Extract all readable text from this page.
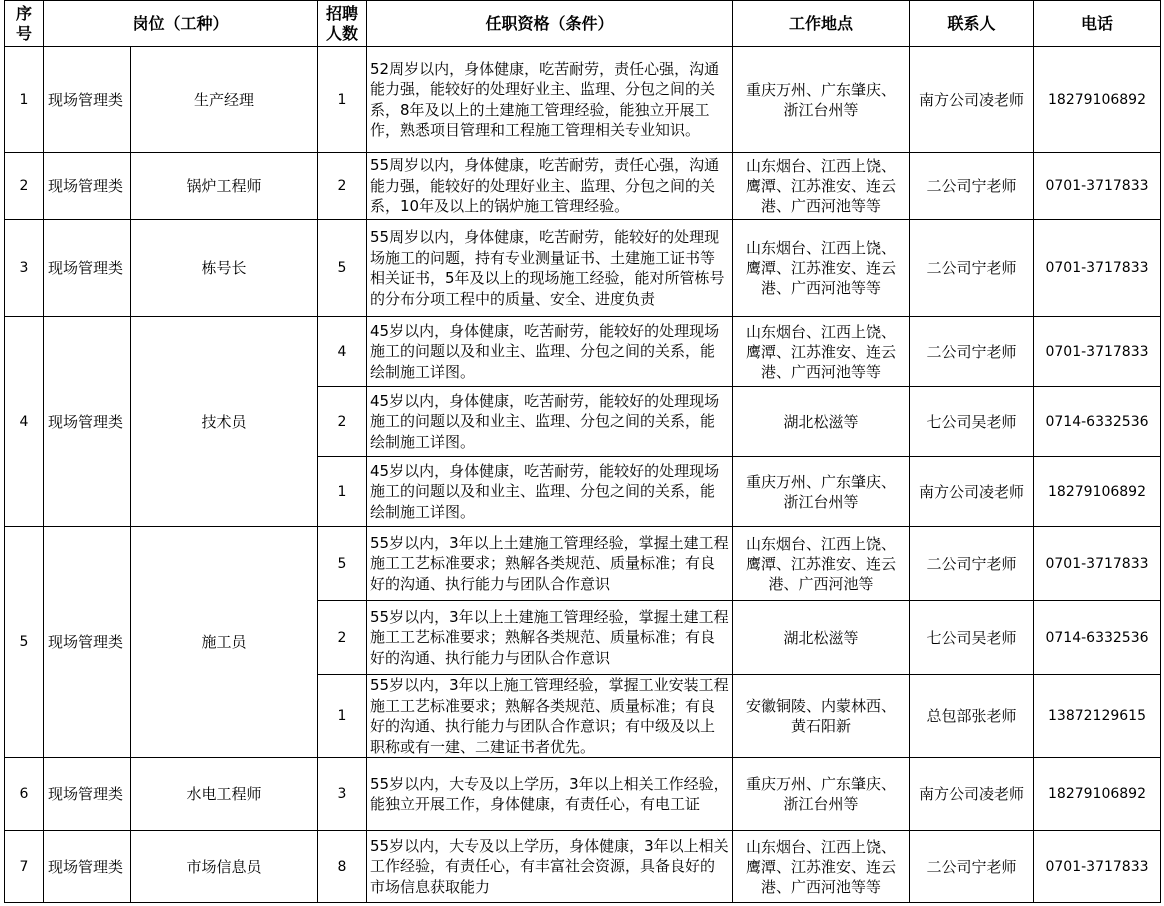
序号	岗位（工种）		招聘人数	任职资格（条件）	工作地点	联系人	电话
1	现场管理类	生产经理	1	52周岁以内，身体健康，吃苦耐劳，责任心强，沟通能力强，能较好的处理好业主、监理、分包之间的关系，8年及以上的土建施工管理经验，能独立开展工作，熟悉项目管理和工程施工管理相关专业知识。	重庆万州、广东肇庆、浙江台州等	南方公司凌老师	18279106892
2	现场管理类	锅炉工程师	2	55周岁以内，身体健康，吃苦耐劳，责任心强，沟通能力强，能较好的处理好业主、监理、分包之间的关系，10年及以上的锅炉施工管理经验。	山东烟台、江西上饶、鹰潭、江苏淮安、连云港、广西河池等等	二公司宁老师	0701-3717833
3	现场管理类	栋号长	5	55周岁以内，身体健康，吃苦耐劳，能较好的处理现场施工的问题，持有专业测量证书、土建施工证书等相关证书，5年及以上的现场施工经验，能对所管栋号的分布分项工程中的质量、安全、进度负责	山东烟台、江西上饶、鹰潭、江苏淮安、连云港、广西河池等等	二公司宁老师	0701-3717833
4	现场管理类	技术员	4	45岁以内，身体健康，吃苦耐劳，能较好的处理现场施工的问题以及和业主、监理、分包之间的关系，能绘制施工详图。	山东烟台、江西上饶、鹰潭、江苏淮安、连云港、广西河池等等	二公司宁老师	0701-3717833
			2	45岁以内，身体健康，吃苦耐劳，能较好的处理现场施工的问题以及和业主、监理、分包之间的关系，能绘制施工详图。	湖北松滋等	七公司吴老师	0714-6332536
			1	45岁以内，身体健康，吃苦耐劳，能较好的处理现场施工的问题以及和业主、监理、分包之间的关系，能绘制施工详图。	重庆万州、广东肇庆、浙江台州等	南方公司凌老师	18279106892
5	现场管理类	施工员	5	55岁以内，3年以上土建施工管理经验，掌握土建工程施工工艺标准要求；熟解各类规范、质量标准；有良好的沟通、执行能力与团队合作意识	山东烟台、江西上饶、鹰潭、江苏淮安、连云港、广西河池等	二公司宁老师	0701-3717833
			2	55岁以内，3年以上土建施工管理经验，掌握土建工程施工工艺标准要求；熟解各类规范、质量标准；有良好的沟通、执行能力与团队合作意识	湖北松滋等	七公司吴老师	0714-6332536
			1	55岁以内，3年以上施工管理经验，掌握工业安装工程施工工艺标准要求；熟解各类规范、质量标准；有良好的沟通、执行能力与团队合作意识；有中级及以上职称或有一建、二建证书者优先。	安徽铜陵、内蒙林西、黄石阳新	总包部张老师	13872129615
6	现场管理类	水电工程师	3	55岁以内，大专及以上学历，3年以上相关工作经验，能独立开展工作，身体健康，有责任心，有电工证	重庆万州、广东肇庆、浙江台州等	南方公司凌老师	18279106892
7	现场管理类	市场信息员	8	55岁以内，大专及以上学历，身体健康，3年以上相关工作经验，有责任心，有丰富社会资源，具备良好的市场信息获取能力	山东烟台、江西上饶、鹰潭、江苏淮安、连云港、广西河池等等	二公司宁老师	0701-3717833
